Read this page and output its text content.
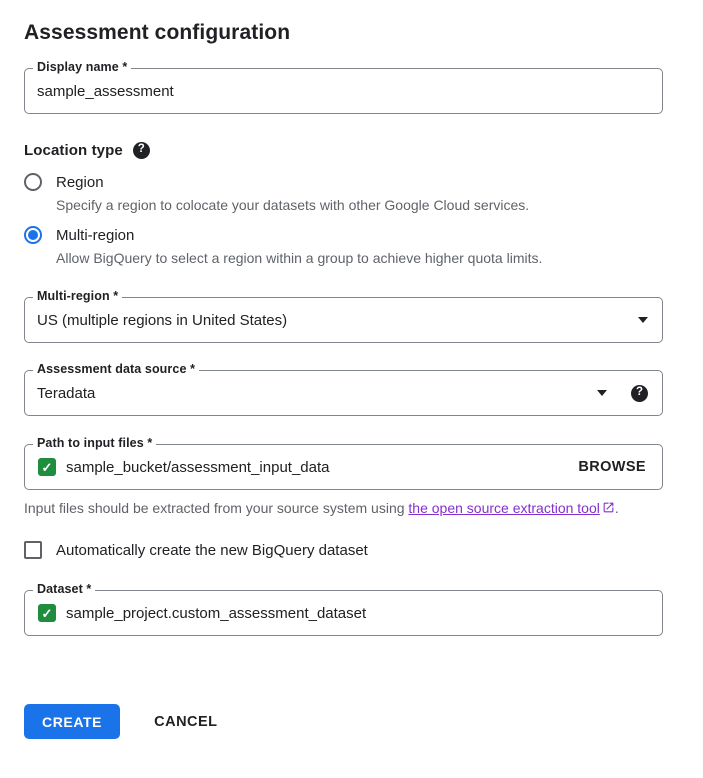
Assessment configuration
Display name *
sample_assessment
Location type	?
Region
Specify a region to colocate your datasets with other Google Cloud services.
Multi-region
Allow BigQuery to select a region within a group to achieve higher quota limits.
Multi-region *
US (multiple regions in United States)
Assessment data source *
Teradata	?
Path to input files *
✓
sample_bucket/assessment_input_data	BROWSE
Input files should be extracted from your source system using the open source extraction tool .
Automatically create the new BigQuery dataset
Dataset *
✓
sample_project.custom_assessment_dataset
CREATE	CANCEL
